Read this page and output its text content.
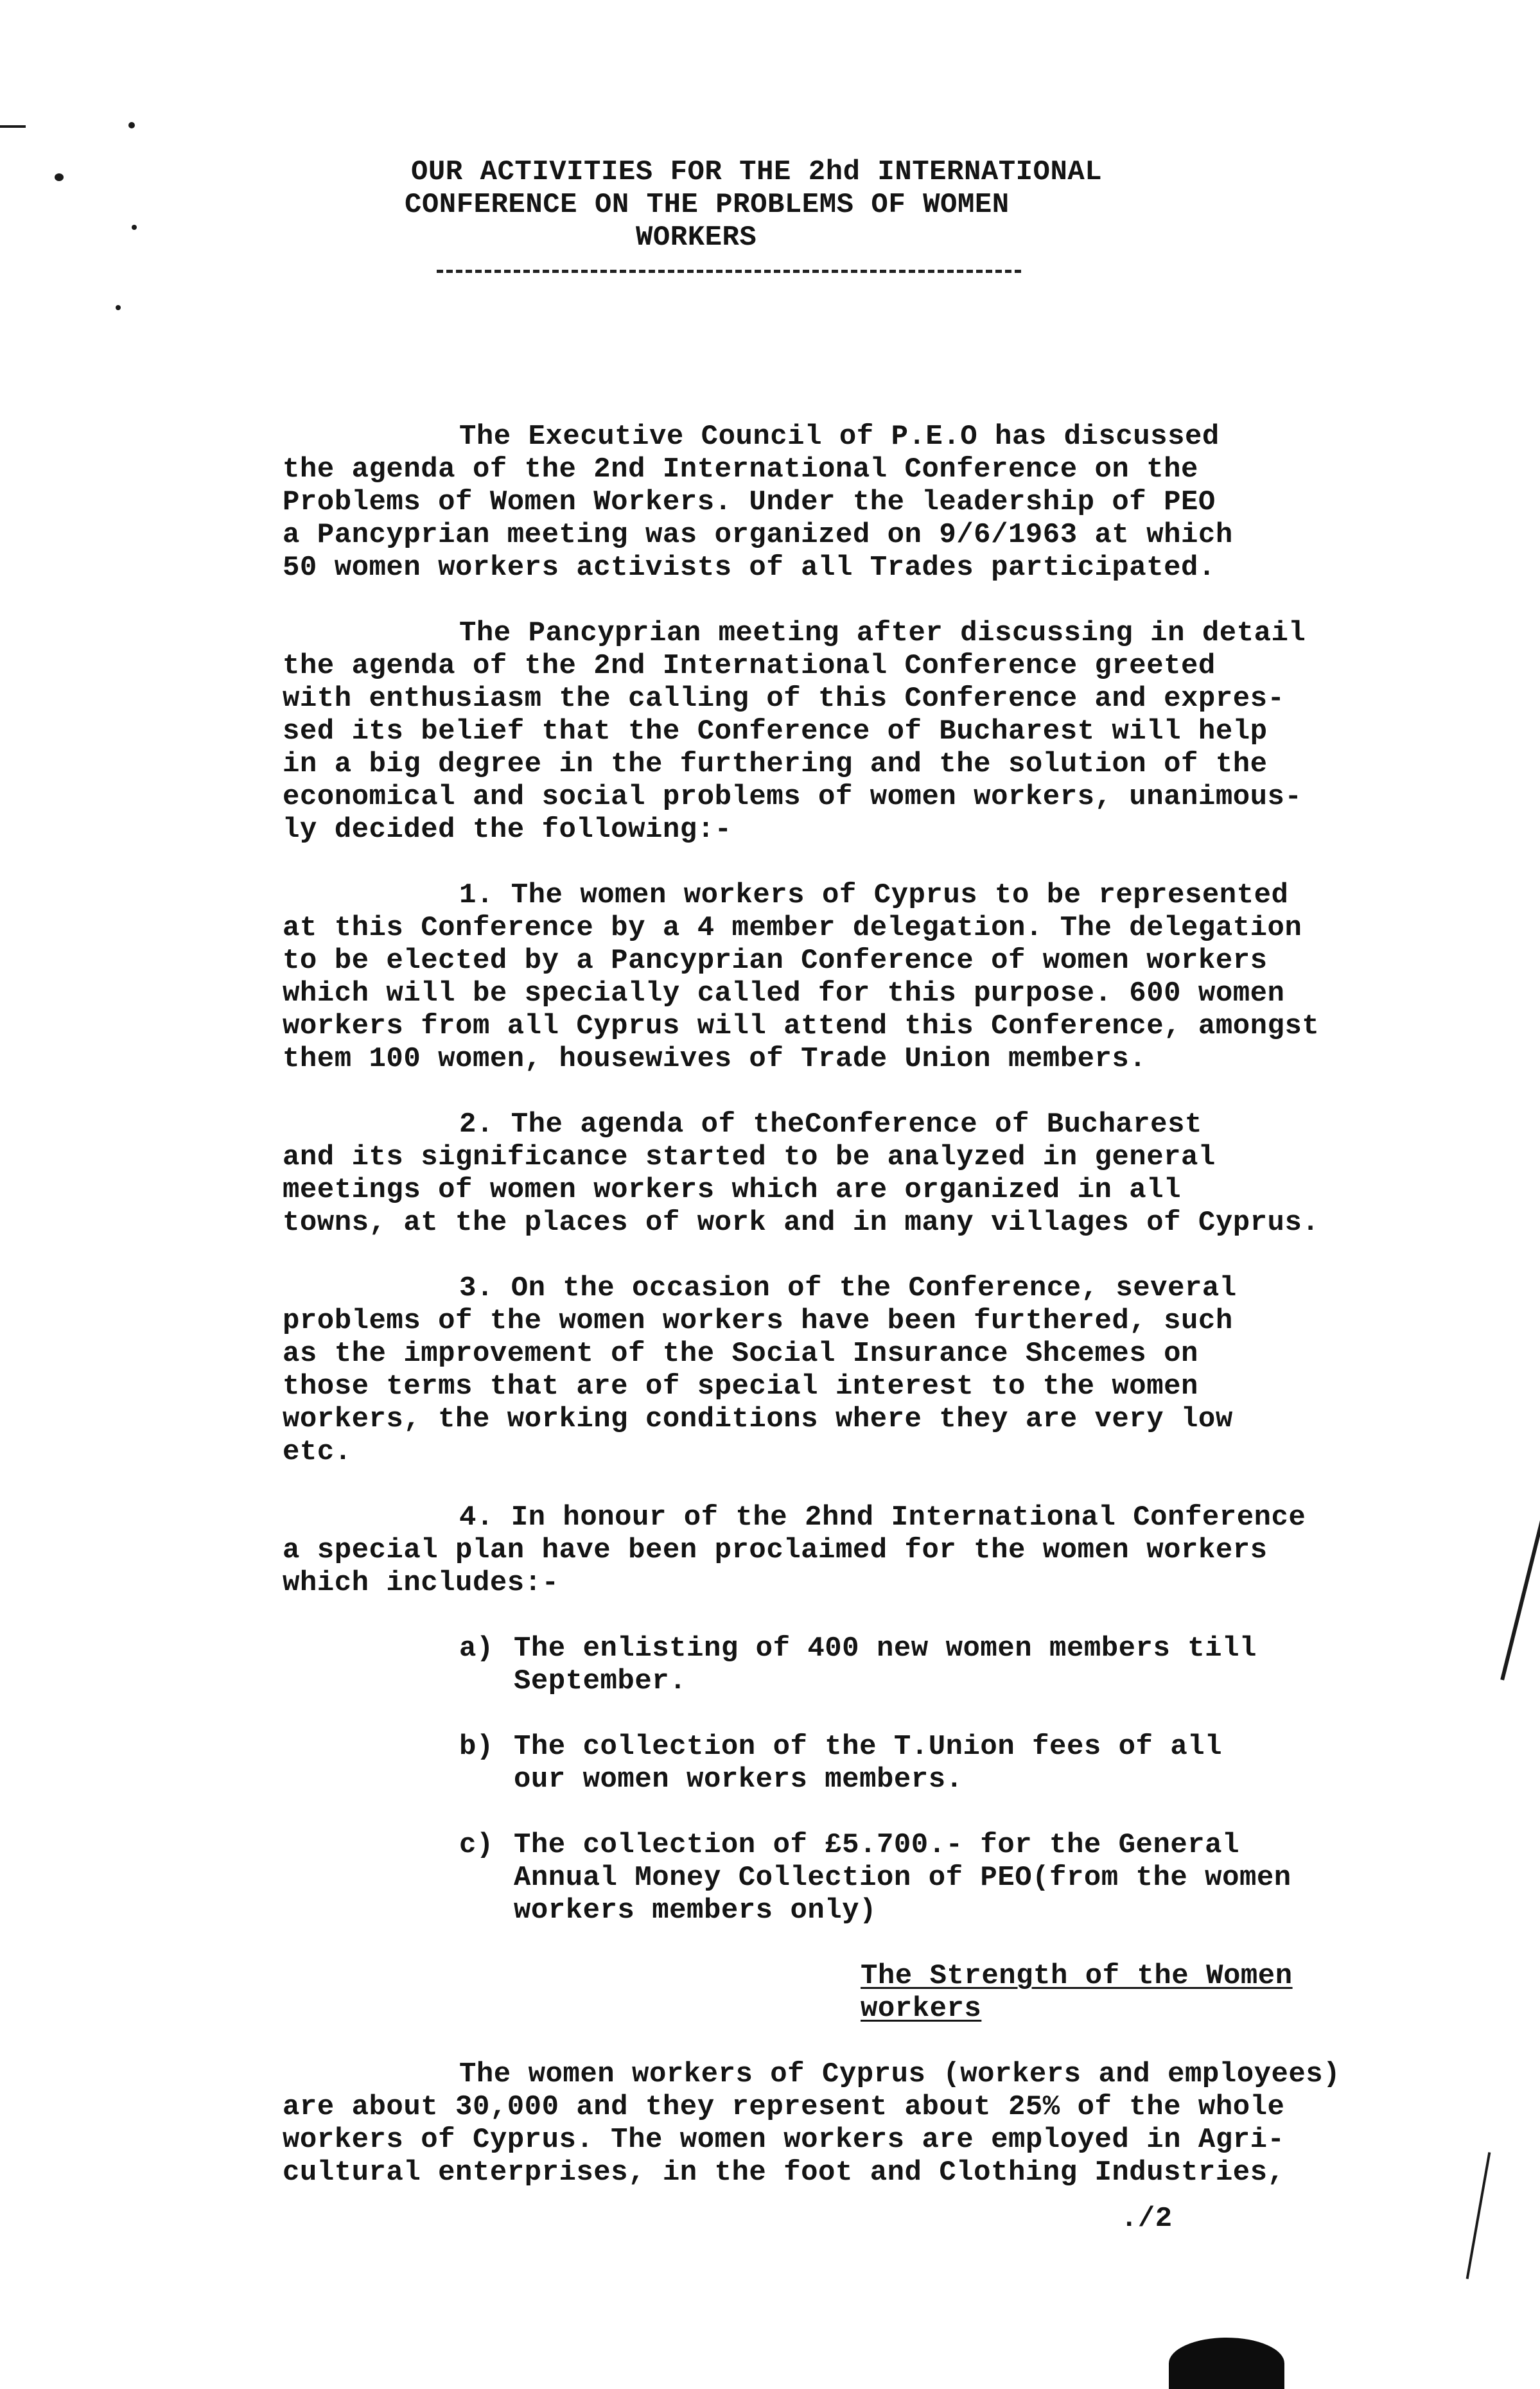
OUR ACTIVITIES FOR THE 2hd INTERNATIONAL
CONFERENCE ON THE PROBLEMS OF WOMEN
WORKERS
The Executive Council of P.E.O has discussed
the agenda of the 2nd International Conference on the
Problems of Women Workers. Under the leadership of PEO
a Pancyprian meeting was organized on 9/6/1963 at which
50 women workers activists of all Trades participated.
The Pancyprian meeting after discussing in detail
the agenda of the 2nd International Conference greeted
with enthusiasm the calling of this Conference and expres-
sed its belief that the Conference of Bucharest will help
in a big degree in the furthering and the solution of the
economical and social problems of women workers, unanimous-
ly decided the following:-
1. The women workers of Cyprus to be represented
at this Conference by a 4 member delegation. The delegation
to be elected by a Pancyprian Conference of women workers
which will be specially called for this purpose. 600 women
workers from all Cyprus will attend this Conference, amongst
them 100 women, housewives of Trade Union members.
2. The agenda of theConference of Bucharest
and its significance started to be analyzed in general
meetings of women workers which are organized in all
towns, at the places of work and in many villages of Cyprus.
3. On the occasion of the Conference, several
problems of the women workers have been furthered, such
as the improvement of the Social Insurance Shcemes on
those terms that are of special interest to the women
workers, the working conditions where they are very low
etc.
4. In honour of the 2hnd International Conference
a special plan have been proclaimed for the women workers
which includes:-
a) The enlisting of 400 new women members till
September.
b) The collection of the T.Union fees of all
our women workers members.
c) The collection of £5.700.- for the General
Annual Money Collection of PEO(from the women
workers members only)
The Strength of the Women
workers
The women workers of Cyprus (workers and employees)
are about 30,000 and they represent about 25% of the whole
workers of Cyprus. The women workers are employed in Agri-
cultural enterprises, in the foot and Clothing Industries,
./2
